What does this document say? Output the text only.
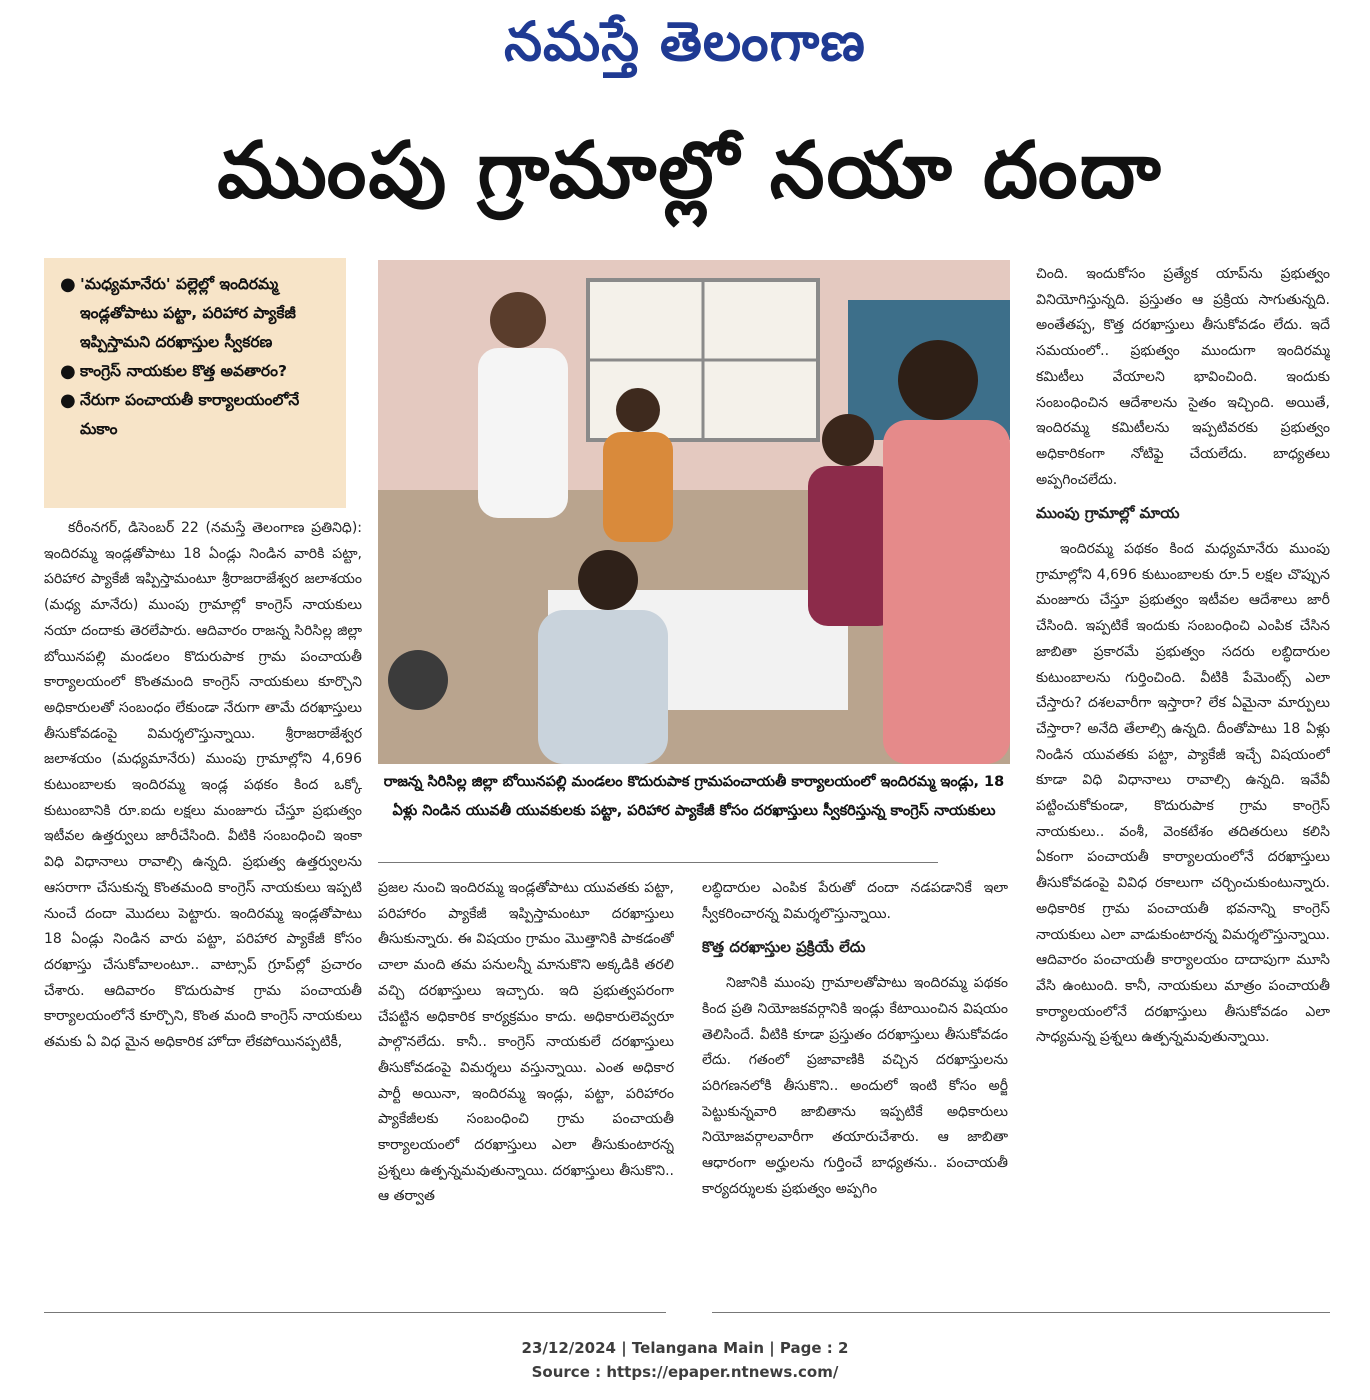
నమస్తే తెలంగాణ
ముంపు గ్రామాల్లో నయా దందా
● 'మధ్యమానేరు' పల్లెల్లో ఇందిరమ్మ ఇండ్లతోపాటు పట్టా, పరిహార ప్యాకేజీ ఇప్పిస్తామని దరఖాస్తుల స్వీకరణ
● కాంగ్రెస్ నాయకుల కొత్త అవతారం?
● నేరుగా పంచాయతీ కార్యాలయంలోనే మకాం

కరీంనగర్, డిసెంబర్ 22 (నమస్తే తెలంగాణ ప్రతినిధి): ఇందిరమ్మ ఇండ్లతోపాటు 18 ఏండ్లు నిండిన వారికి పట్టా, పరిహార ప్యాకేజీ ఇప్పిస్తామంటూ శ్రీరాజరాజేశ్వర జలాశయం (మధ్య మానేరు) ముంపు గ్రామాల్లో కాంగ్రెస్ నాయకులు నయా దందాకు తెరలేపారు. ఆదివారం రాజన్న సిరిసిల్ల జిల్లా బోయినపల్లి మండలం కొదురుపాక గ్రామ పంచాయతీ కార్యాలయంలో కొంతమంది కాంగ్రెస్ నాయకులు కూర్చొని అధికారులతో సంబంధం లేకుండా నేరుగా తామే దరఖాస్తులు తీసుకోవడంపై విమర్శలొస్తున్నాయి. శ్రీరాజరాజేశ్వర జలాశయం (మధ్యమానేరు) ముంపు గ్రామాల్లోని 4,696 కుటుంబాలకు ఇందిరమ్మ ఇండ్ల పథకం కింద ఒక్కో కుటుంబానికి రూ.ఐదు లక్షలు మంజూరు చేస్తూ ప్రభుత్వం ఇటీవల ఉత్తర్వులు జారీచేసింది. వీటికి సంబంధించి ఇంకా విధి విధానాలు రావాల్సి ఉన్నది. ప్రభుత్వ ఉత్తర్వులను ఆసరాగా చేసుకున్న కొంతమంది కాంగ్రెస్ నాయకులు ఇప్పటి నుంచే దందా మొదలు పెట్టారు. ఇందిరమ్మ ఇండ్లతోపాటు 18 ఏండ్లు నిండిన వారు పట్టా, పరిహార ప్యాకేజీ కోసం దరఖాస్తు చేసుకోవాలంటూ.. వాట్సాప్ గ్రూప్‌ల్లో ప్రచారం చేశారు. ఆదివారం కొదురుపాక గ్రామ పంచాయతీ కార్యాలయంలోనే కూర్చొని, కొంత మంది కాంగ్రెస్ నాయకులు తమకు ఏ విధ మైన అధికారిక హోదా లేకపోయినప్పటికీ,

రాజన్న సిరిసిల్ల జిల్లా బోయినపల్లి మండలం కొదురుపాక గ్రామపంచాయతీ కార్యాలయంలో ఇందిరమ్మ ఇండ్లు, 18 ఏళ్లు నిండిన యువతీ యువకులకు పట్టా, పరిహార ప్యాకేజీ కోసం దరఖాస్తులు స్వీకరిస్తున్న కాంగ్రెస్ నాయకులు

ప్రజల నుంచి ఇందిరమ్మ ఇండ్లతోపాటు యువతకు పట్టా, పరిహారం ప్యాకేజీ ఇప్పిస్తామంటూ దరఖాస్తులు తీసుకున్నారు. ఈ విషయం గ్రామం మొత్తానికి పాకడంతో చాలా మంది తమ పనులన్నీ మానుకొని అక్కడికి తరలి వచ్చి దరఖాస్తులు ఇచ్చారు. ఇది ప్రభుత్వపరంగా చేపట్టిన అధికారిక కార్యక్రమం కాదు. అధికారులెవ్వరూ పాల్గొనలేదు. కానీ.. కాంగ్రెస్ నాయకులే దరఖాస్తులు తీసుకోవడంపై విమర్శలు వస్తున్నాయి. ఎంత అధికార పార్టీ అయినా, ఇందిరమ్మ ఇండ్లు, పట్టా, పరిహారం ప్యాకేజీలకు సంబంధించి గ్రామ పంచాయతీ కార్యాలయంలో దరఖాస్తులు ఎలా తీసుకుంటారన్న ప్రశ్నలు ఉత్పన్నమవుతున్నాయి. దరఖాస్తులు తీసుకొని.. ఆ తర్వాత

లబ్ధిదారుల ఎంపిక పేరుతో దందా నడపడానికే ఇలా స్వీకరించారన్న విమర్శలొస్తున్నాయి.

కొత్త దరఖాస్తుల ప్రక్రియే లేదు

నిజానికి ముంపు గ్రామాలతోపాటు ఇందిరమ్మ పథకం కింద ప్రతి నియోజకవర్గానికి ఇండ్లు కేటాయించిన విషయం తెలిసిందే. వీటికి కూడా ప్రస్తుతం దరఖాస్తులు తీసుకోవడం లేదు. గతంలో ప్రజావాణికి వచ్చిన దరఖాస్తులను పరిగణనలోకి తీసుకొని.. అందులో ఇంటి కోసం అర్జీ పెట్టుకున్నవారి జాబితాను ఇప్పటికే అధికారులు నియోజవర్గాలవారీగా తయారుచేశారు. ఆ జాబితా ఆధారంగా అర్హులను గుర్తించే బాధ్యతను.. పంచాయతీ కార్యదర్శులకు ప్రభుత్వం అప్పగిం

చింది. ఇందుకోసం ప్రత్యేక యాప్‌ను ప్రభుత్వం వినియోగిస్తున్నది. ప్రస్తుతం ఆ ప్రక్రియ సాగుతున్నది. అంతేతప్ప, కొత్త దరఖాస్తులు తీసుకోవడం లేదు. ఇదే సమయంలో.. ప్రభుత్వం ముందుగా ఇందిరమ్మ కమిటీలు వేయాలని భావించింది. ఇందుకు సంబంధించిన ఆదేశాలను సైతం ఇచ్చింది. అయితే, ఇందిరమ్మ కమిటీలను ఇప్పటివరకు ప్రభుత్వం అధికారికంగా నోటిఫై చేయలేదు. బాధ్యతలు అప్పగించలేదు.

ముంపు గ్రామాల్లో మాయ

ఇందిరమ్మ పథకం కింద మధ్యమానేరు ముంపు గ్రామాల్లోని 4,696 కుటుంబాలకు రూ.5 లక్షల చొప్పున మంజూరు చేస్తూ ప్రభుత్వం ఇటీవల ఆదేశాలు జారీ చేసింది. ఇప్పటికే ఇందుకు సంబంధించి ఎంపిక చేసిన జాబితా ప్రకారమే ప్రభుత్వం సదరు లబ్ధిదారుల కుటుంబాలను గుర్తించింది. వీటికి పేమెంట్స్ ఎలా చేస్తారు? దశలవారీగా ఇస్తారా? లేక ఏమైనా మార్పులు చేస్తారా? అనేది తేలాల్సి ఉన్నది. దీంతోపాటు 18 ఏళ్లు నిండిన యువతకు పట్టా, ప్యాకేజీ ఇచ్చే విషయంలో కూడా విధి విధానాలు రావాల్సి ఉన్నది. ఇవేవీ పట్టించుకోకుండా, కొదురుపాక గ్రామ కాంగ్రెస్ నాయకులు.. వంశీ, వెంకటేశం తదితరులు కలిసి ఏకంగా పంచాయతీ కార్యాలయంలోనే దరఖాస్తులు తీసుకోవడంపై వివిధ రకాలుగా చర్చించుకుంటున్నారు. అధికారిక గ్రామ పంచాయతీ భవనాన్ని కాంగ్రెస్ నాయకులు ఎలా వాడుకుంటారన్న విమర్శలొస్తున్నాయి. ఆదివారం పంచాయతీ కార్యాలయం దాదాపుగా మూసి వేసి ఉంటుంది. కానీ, నాయకులు మాత్రం పంచాయతీ కార్యాలయంలోనే దరఖాస్తులు తీసుకోవడం ఎలా సాధ్యమన్న ప్రశ్నలు ఉత్పన్నమవుతున్నాయి.

23/12/2024 | Telangana Main | Page : 2
Source : https://epaper.ntnews.com/
